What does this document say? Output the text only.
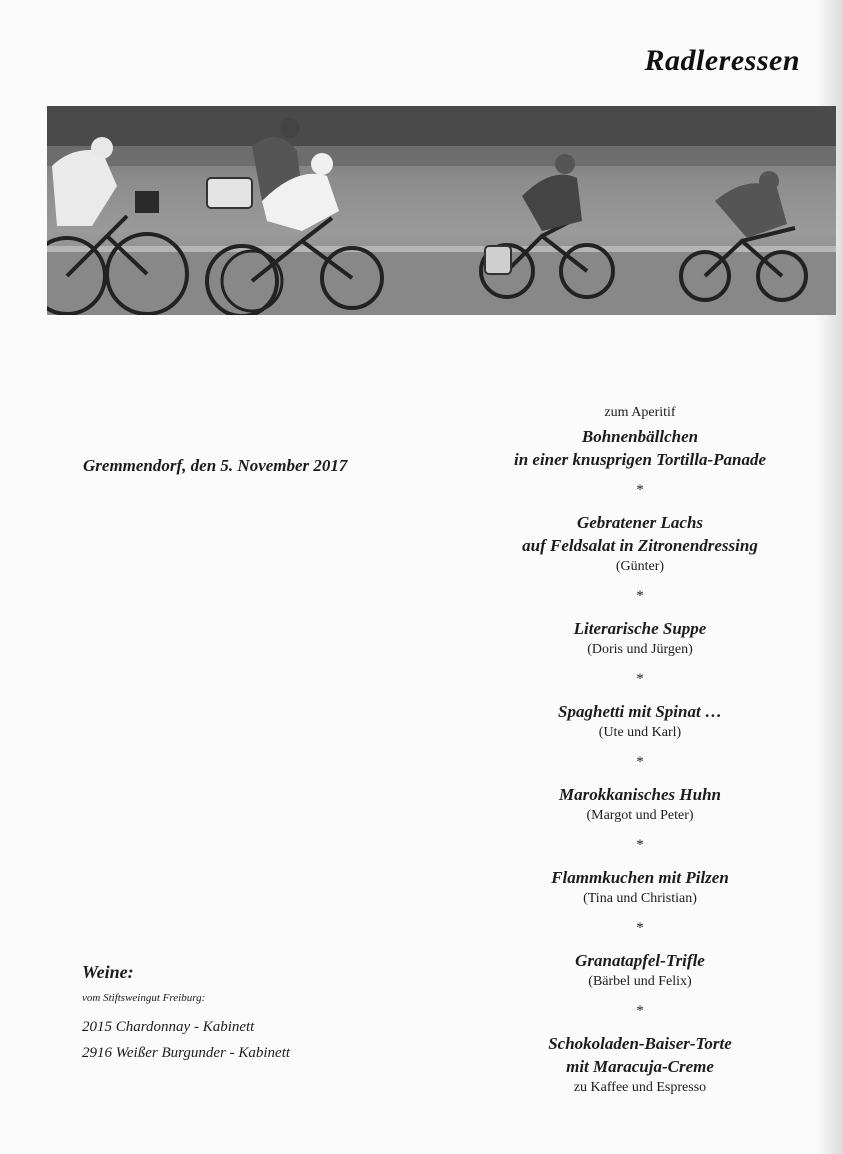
Radleressen
Gremmendorf, den 5. November 2017
zum Aperitif
Bohnenbällchen
in einer knusprigen Tortilla-Panade
*
Gebratener Lachs
auf Feldsalat in Zitronendressing
(Günter)
*
Literarische Suppe
(Doris und Jürgen)
*
Spaghetti mit Spinat …
(Ute und Karl)
*
Marokkanisches Huhn
(Margot und Peter)
*
Flammkuchen mit Pilzen
(Tina und Christian)
*
Granatapfel-Trifle
(Bärbel und Felix)
*
Schokoladen-Baiser-Torte
mit Maracuja-Creme
zu Kaffee und Espresso
Weine:
vom Stiftsweingut Freiburg:
2015 Chardonnay - Kabinett
2916 Weißer Burgunder - Kabinett
